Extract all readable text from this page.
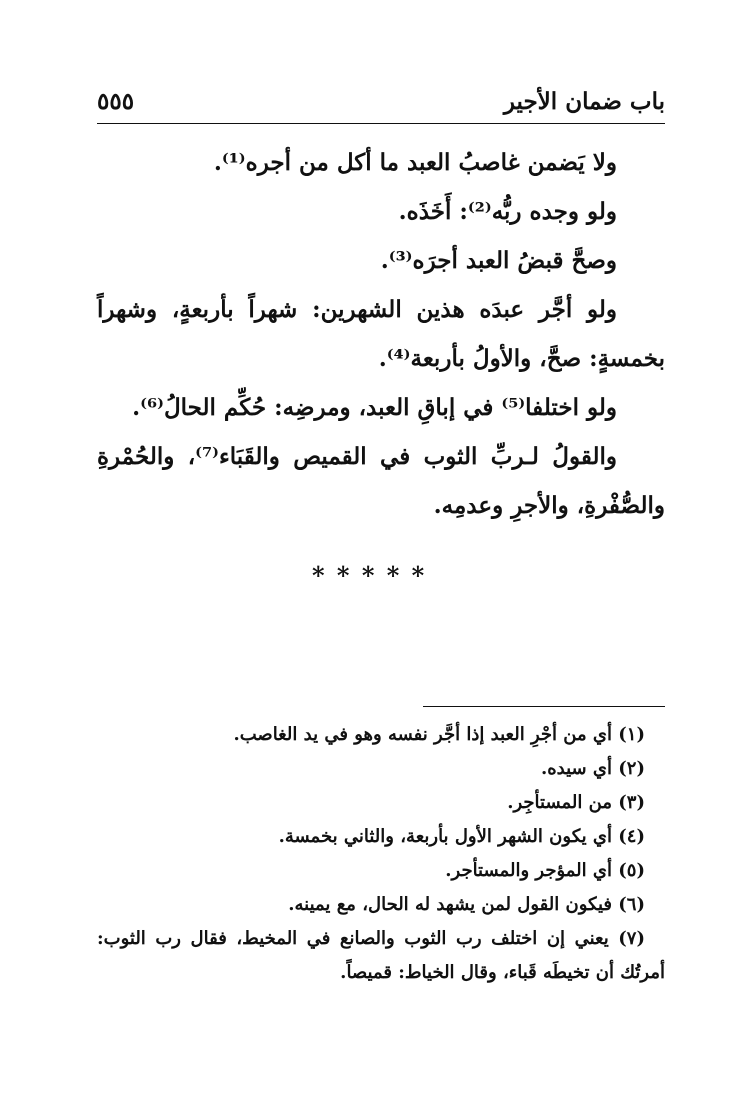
باب ضمان الأجير
٥٥٥

ولا يَضمن غاصبُ العبد ما أكل من أجره⁽¹⁾.

ولو وجده ربُّه⁽²⁾: أَخَذَه.

وصحَّ قبضُ العبد أجرَه⁽³⁾.

ولو أجَّر عبدَه هذين الشهرين: شهراً بأربعةٍ، وشهراً بخمسةٍ: صحَّ، والأولُ بأربعة⁽⁴⁾.

ولو اختلفا⁽⁵⁾ في إباقِ العبد، ومرضِه: حُكِّم الحالُ⁽⁶⁾.

والقولُ لـربِّ الثوب في القميص والقَبَاء⁽⁷⁾، والحُمْرةِ والصُّفْرةِ، والأجرِ وعدمِه.

* * * * *

(١) أي من أجْرِ العبد إذا أجَّر نفسه وهو في يد الغاصب.

(٢) أي سيده.

(٣) من المستأجِر.

(٤) أي يكون الشهر الأول بأربعة، والثاني بخمسة.

(٥) أي المؤجر والمستأجر.

(٦) فيكون القول لمن يشهد له الحال، مع يمينه.

(٧) يعني إن اختلف رب الثوب والصانع في المخيط، فقال رب الثوب: أمرتُك أن تخيطَه قَباء، وقال الخياط: قميصاً.
